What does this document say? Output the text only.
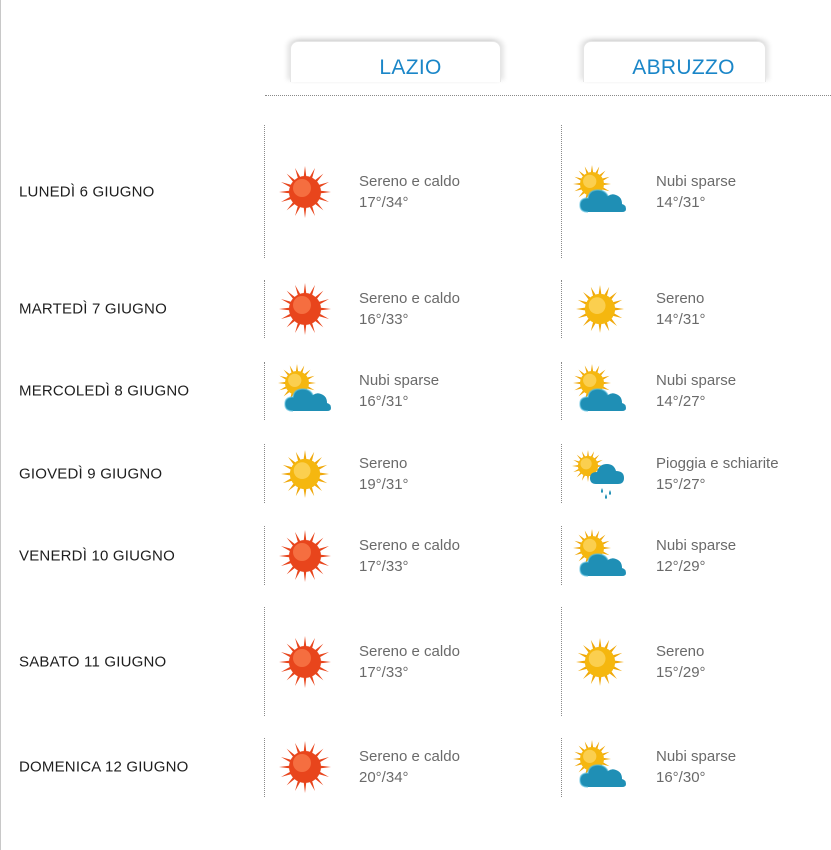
LAZIO	ABRUZZO
LUNEDÌ 6 GIUGNO
Sereno e caldo
17°/34°
Nubi sparse
14°/31°
MARTEDÌ 7 GIUGNO
Sereno e caldo
16°/33°
Sereno
14°/31°
MERCOLEDÌ 8 GIUGNO
Nubi sparse
16°/31°
Nubi sparse
14°/27°
GIOVEDÌ 9 GIUGNO
Sereno
19°/31°
Pioggia e schiarite
15°/27°
VENERDÌ 10 GIUGNO
Sereno e caldo
17°/33°
Nubi sparse
12°/29°
SABATO 11 GIUGNO
Sereno e caldo
17°/33°
Sereno
15°/29°
DOMENICA 12 GIUGNO
Sereno e caldo
20°/34°
Nubi sparse
16°/30°
